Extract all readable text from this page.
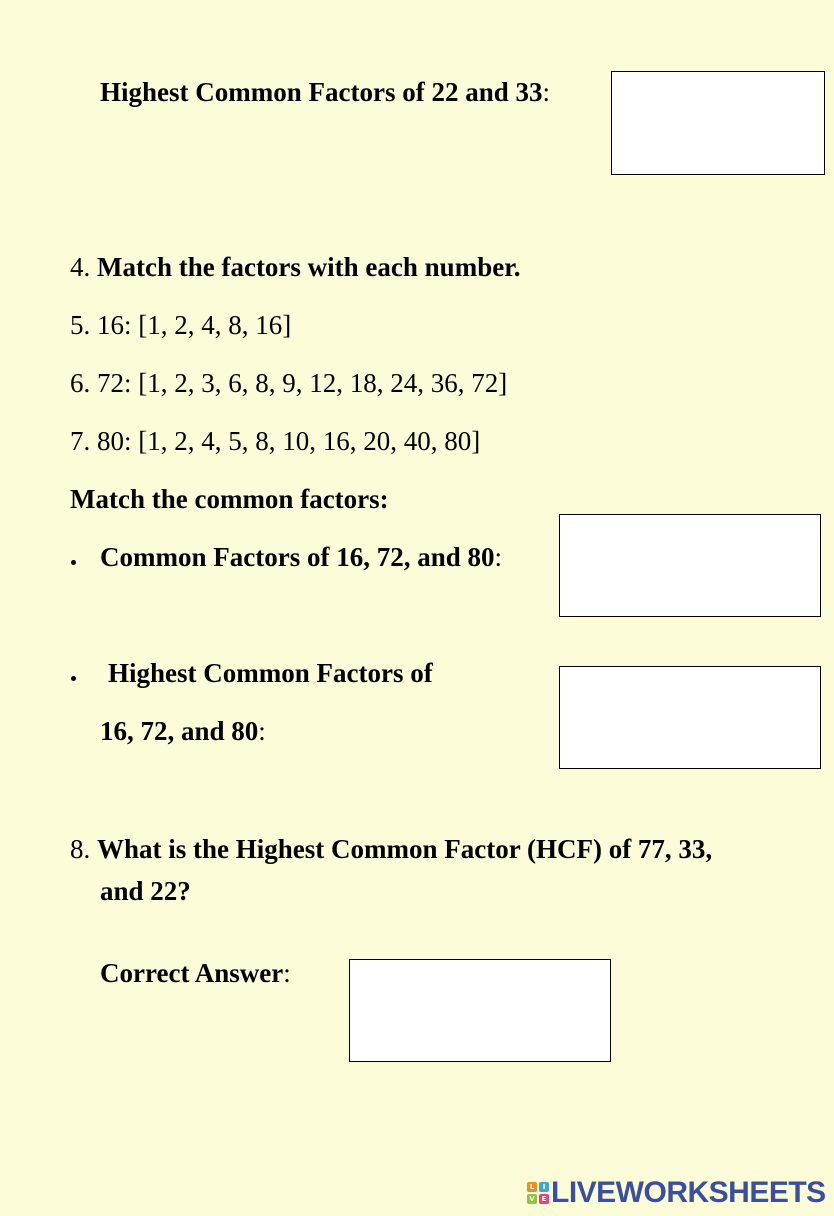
Highest Common Factors of 22 and 33:
4. Match the factors with each number.
5. 16: [1, 2, 4, 8, 16]
6. 72: [1, 2, 3, 6, 8, 9, 12, 18, 24, 36, 72]
7. 80: [1, 2, 4, 5, 8, 10, 16, 20, 40, 80]
Match the common factors:
Common Factors of 16, 72, and 80:
Highest Common Factors of
16, 72, and 80:
8. What is the Highest Common Factor (HCF) of 77, 33,
and 22?
Correct Answer:
L	I
V E LIVEWORKSHEETS
